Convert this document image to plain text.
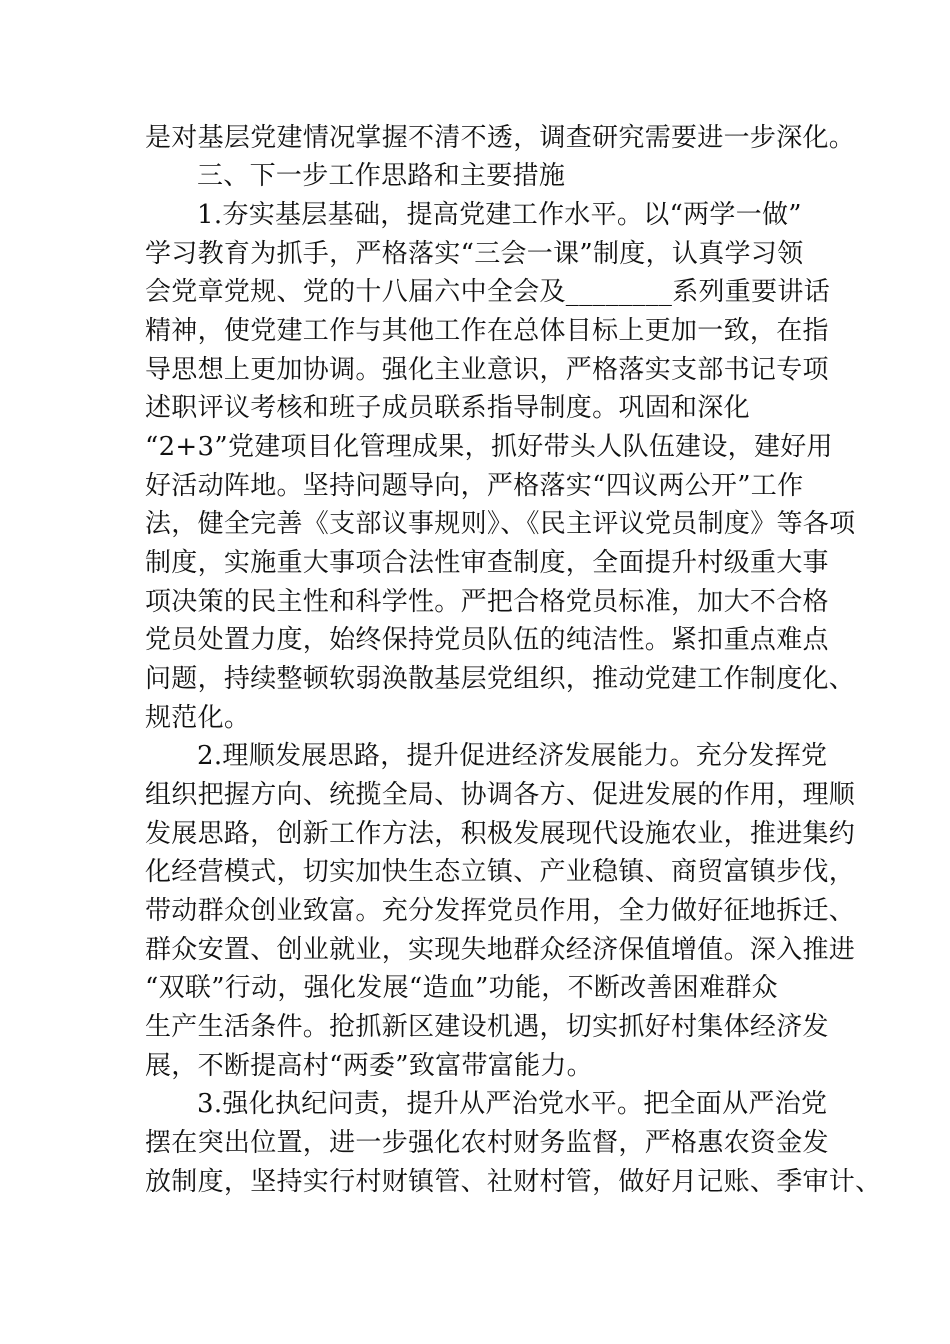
是对基层党建情况掌握不清不透，调查研究需要进一步深化。
三、下一步工作思路和主要措施
1.夯实基层基础，提高党建工作水平。以“两学一做”
学习教育为抓手，严格落实“三会一课”制度，认真学习领
会党章党规、党的十八届六中全会及________系列重要讲话
精神，使党建工作与其他工作在总体目标上更加一致，在指
导思想上更加协调。强化主业意识，严格落实支部书记专项
述职评议考核和班子成员联系指导制度。巩固和深化
“2+3”党建项目化管理成果，抓好带头人队伍建设，建好用
好活动阵地。坚持问题导向，严格落实“四议两公开”工作
法，健全完善《支部议事规则》、《民主评议党员制度》等各项
制度，实施重大事项合法性审查制度，全面提升村级重大事
项决策的民主性和科学性。严把合格党员标准，加大不合格
党员处置力度，始终保持党员队伍的纯洁性。紧扣重点难点
问题，持续整顿软弱涣散基层党组织，推动党建工作制度化、
规范化。
2.理顺发展思路，提升促进经济发展能力。充分发挥党
组织把握方向、统揽全局、协调各方、促进发展的作用，理顺
发展思路，创新工作方法，积极发展现代设施农业，推进集约
化经营模式，切实加快生态立镇、产业稳镇、商贸富镇步伐，
带动群众创业致富。充分发挥党员作用，全力做好征地拆迁、
群众安置、创业就业，实现失地群众经济保值增值。深入推进
“双联”行动，强化发展“造血”功能，不断改善困难群众
生产生活条件。抢抓新区建设机遇，切实抓好村集体经济发
展，不断提高村“两委”致富带富能力。
3.强化执纪问责，提升从严治党水平。把全面从严治党
摆在突出位置，进一步强化农村财务监督，严格惠农资金发
放制度，坚持实行村财镇管、社财村管，做好月记账、季审计、
